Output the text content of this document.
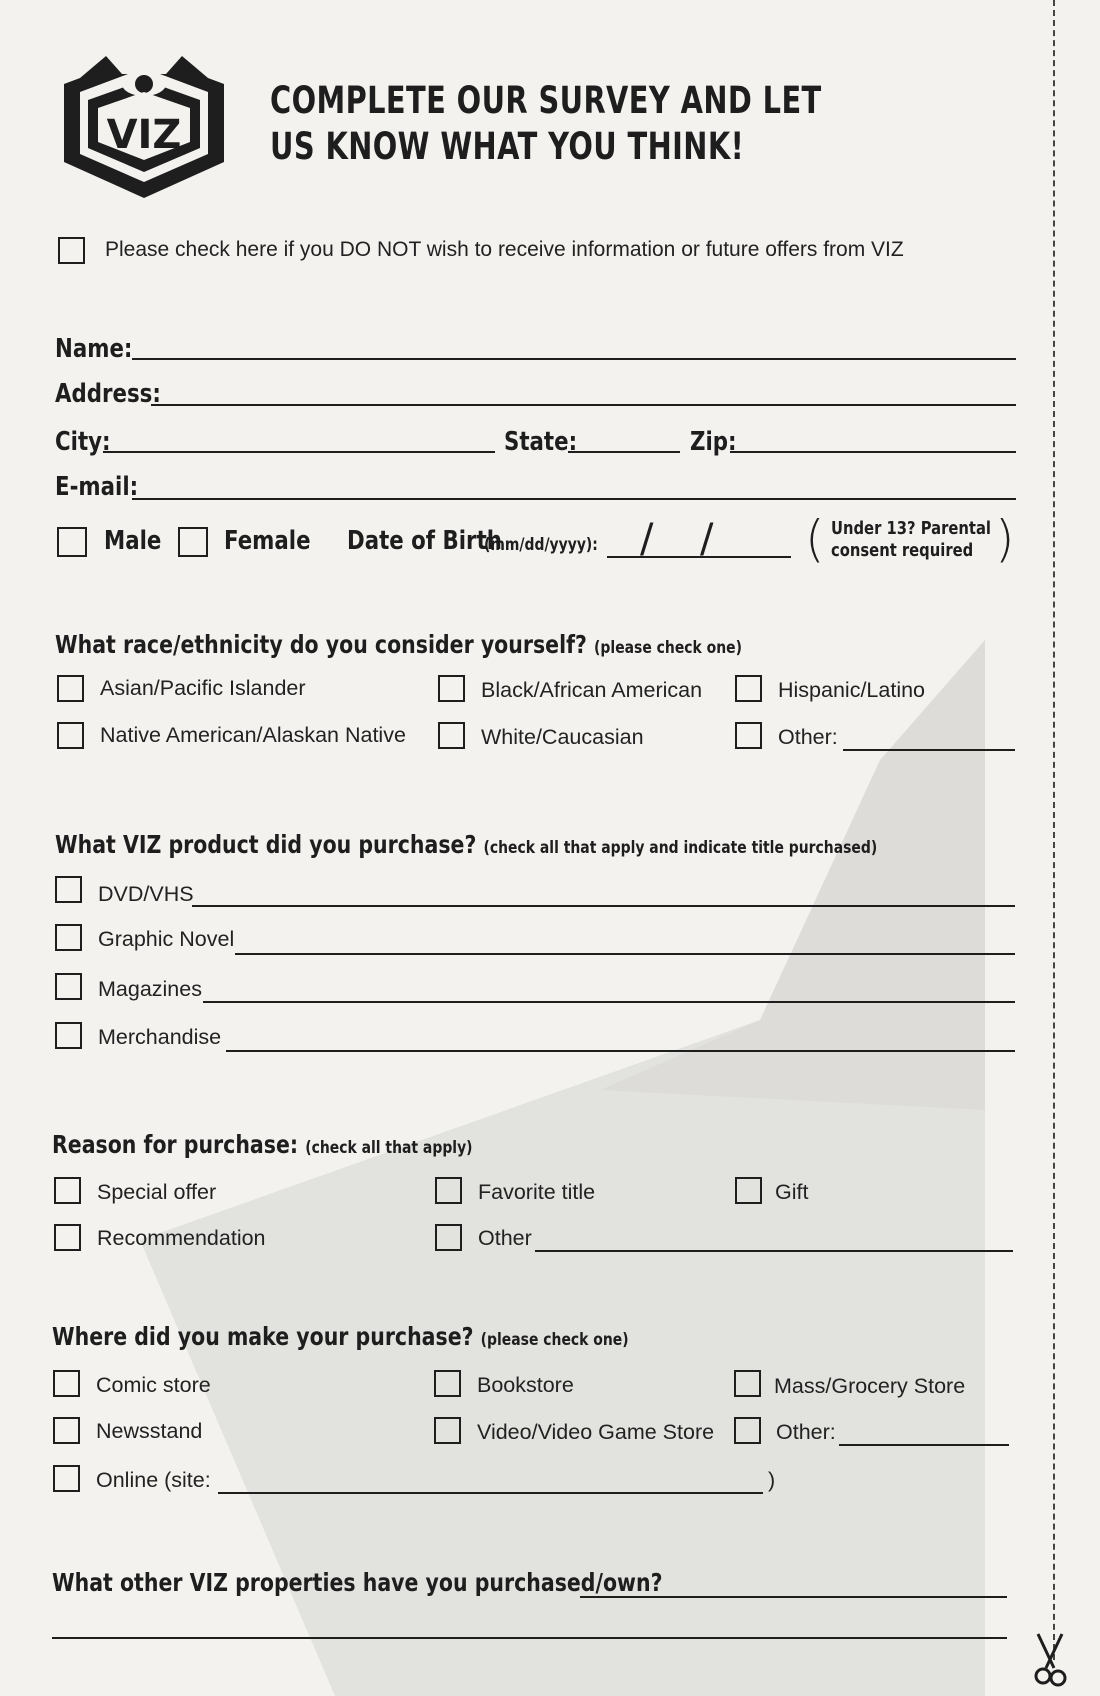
VIZ
COMPLETE OUR SURVEY AND LET
US KNOW WHAT YOU THINK!
Please check here if you DO NOT wish to receive information or future offers from VIZ
Name:
Address:
City:	State:	Zip:
E-mail:
Male Female Date of Birth
(mm/dd/yyyy): / / ( Under 13? Parental
consent required )
What race/ethnicity do you consider yourself? (please check one)
Asian/Pacific Islander	Black/African American	Hispanic/Latino
Native American/Alaskan Native	White/Caucasian	Other:
What VIZ product did you purchase? (check all that apply and indicate title purchased)
DVD/VHS
Graphic Novel
Magazines
Merchandise
Reason for purchase: (check all that apply)
Special offer	Favorite title	Gift
Recommendation	Other
Where did you make your purchase? (please check one)
Comic store	Bookstore	Mass/Grocery Store
Newsstand	Video/Video Game Store	Other:
Online (site:	)
What other VIZ properties have you purchased/own?
